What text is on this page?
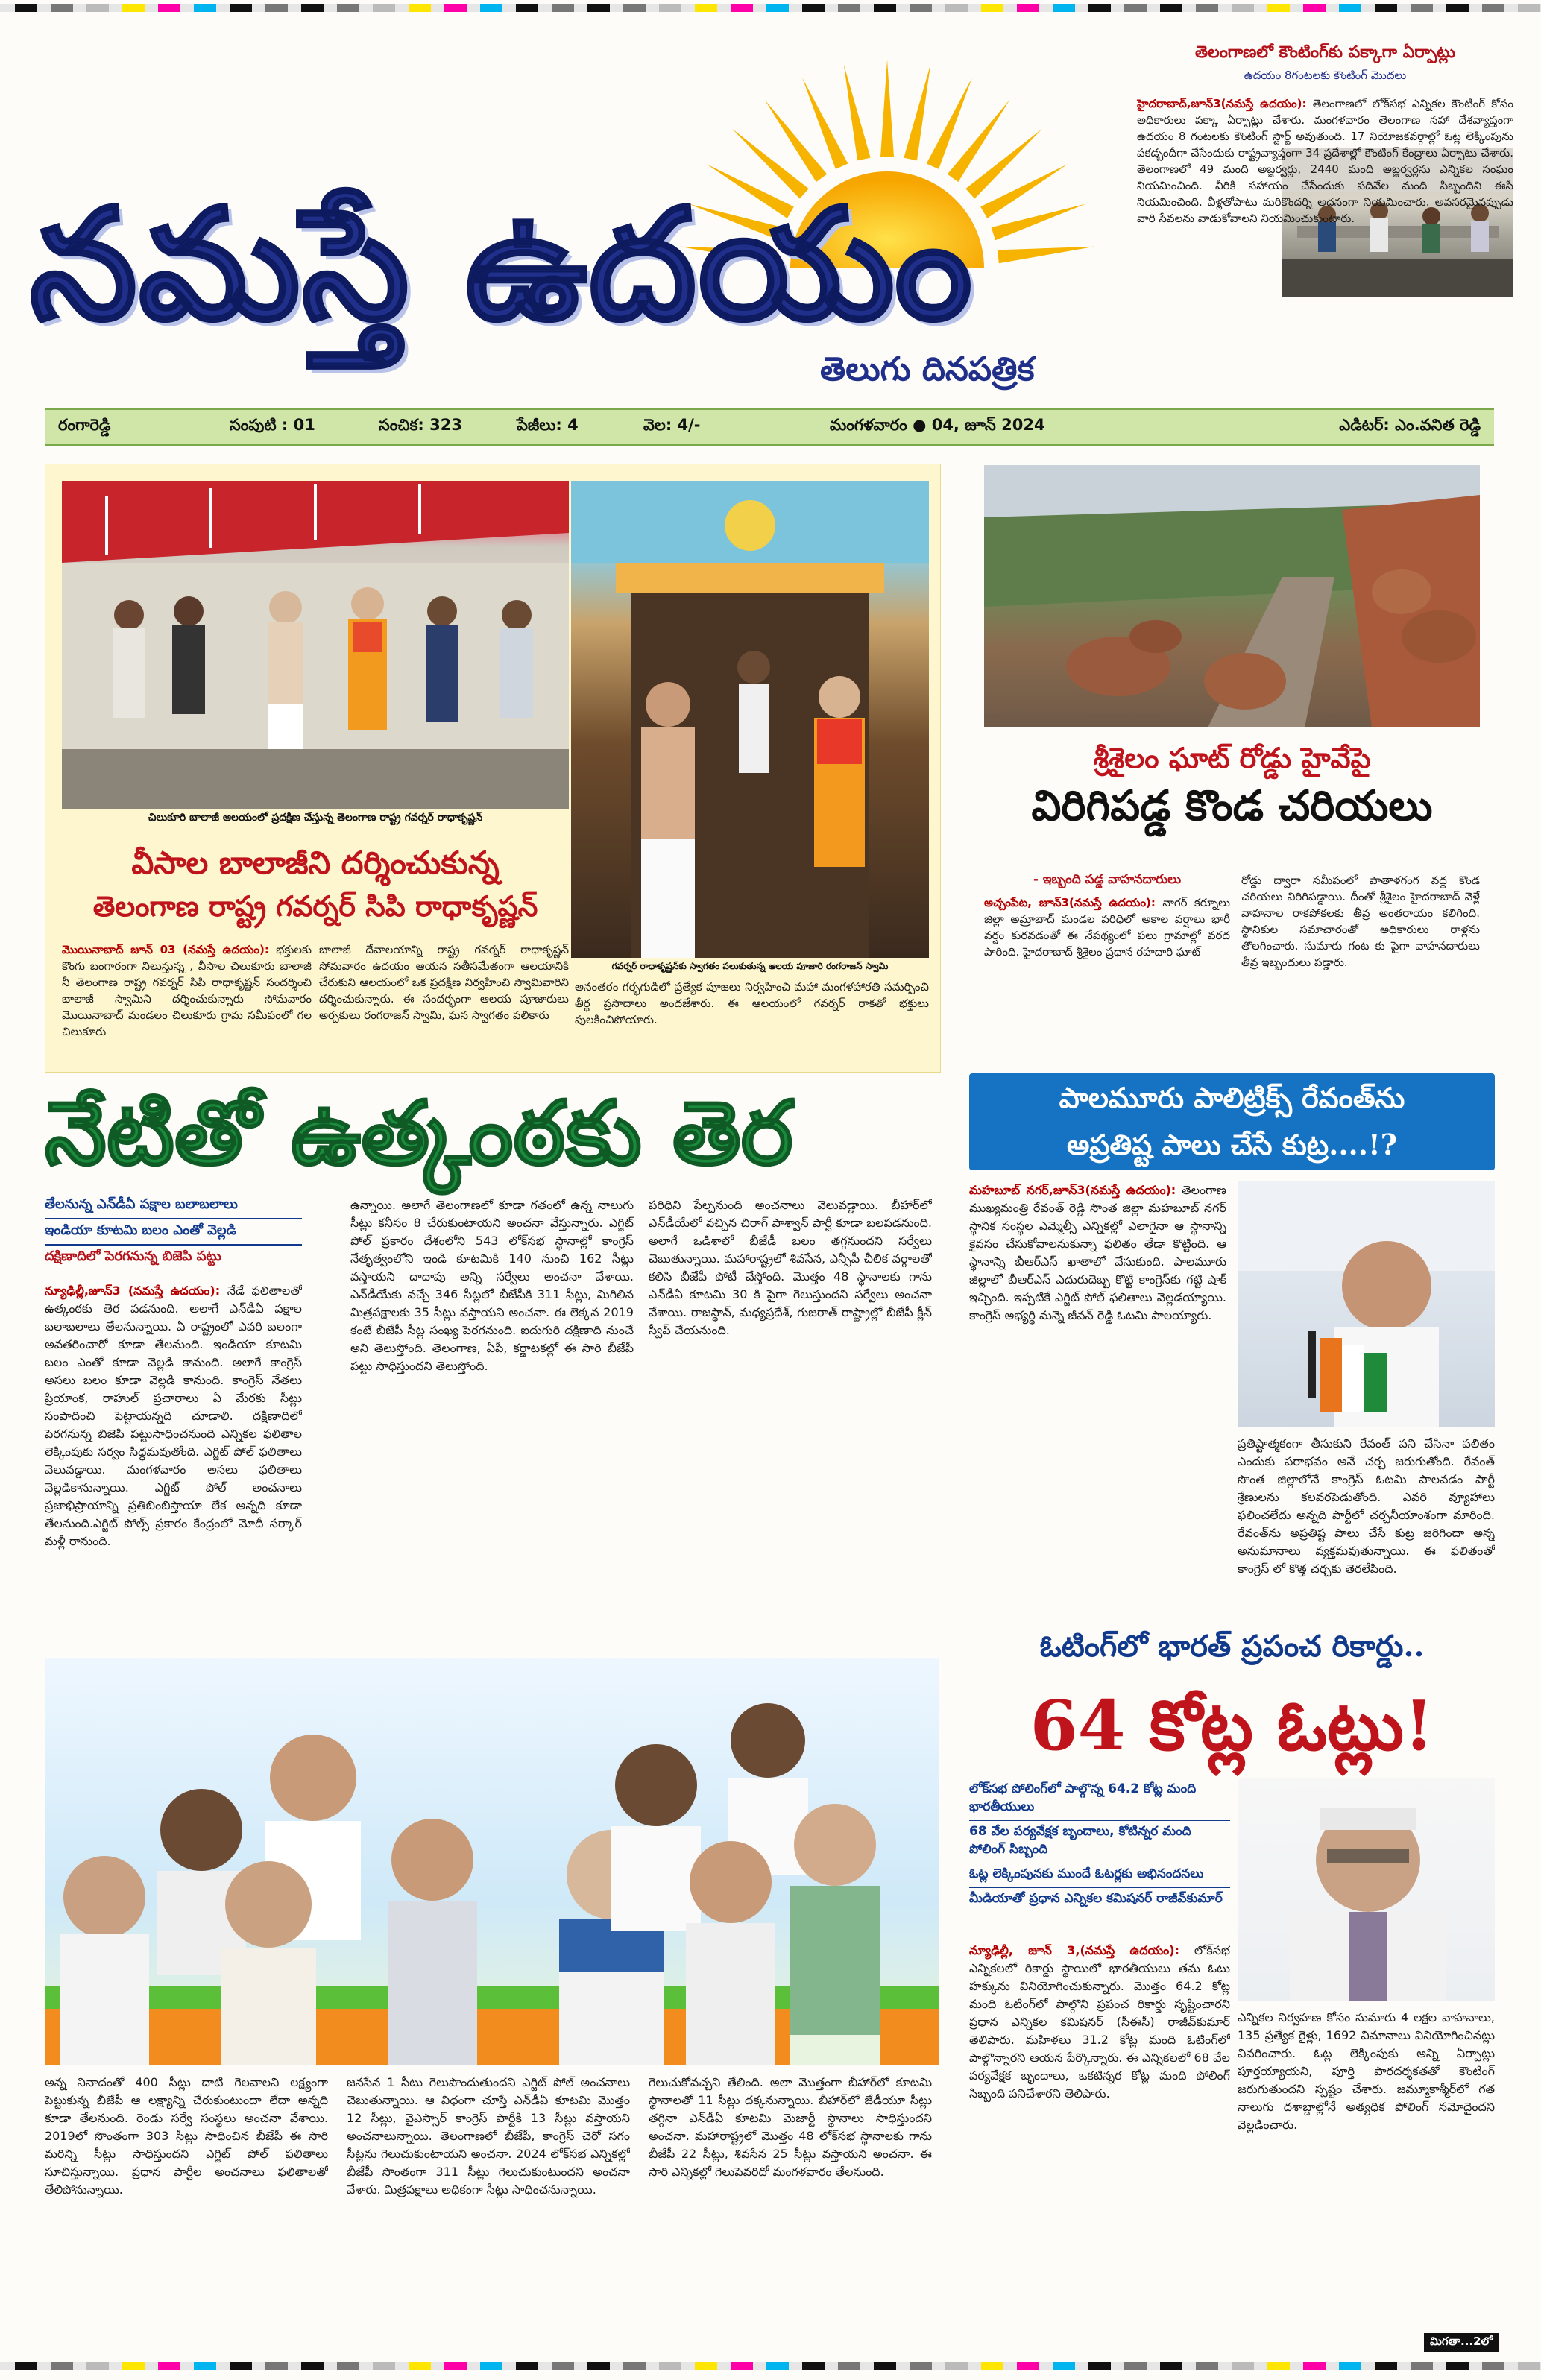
నమస్తే ఉదయం
తెలుగు దినపత్రిక
తెలంగాణలో కౌంటింగ్‌కు పక్కాగా ఏర్పాట్లు
ఉదయం 8గంటలకు కౌంటింగ్ మొదలు

హైదరాబాద్,జూన్3(నమస్తే ఉదయం): తెలంగాణలో లోక్‌సభ ఎన్నికల కౌంటింగ్ కోసం అధికారులు పక్కా ఏర్పాట్లు చేశారు. మంగళవారం తెలంగాణ సహా దేశవ్యాప్తంగా ఉదయం 8 గంటలకు కౌంటింగ్ స్టార్ట్ అవుతుంది. 17 నియోజకవర్గాల్లో ఓట్ల లెక్కింపును పకడ్బందీగా చేసేందుకు రాష్ట్రవ్యాప్తంగా 34 ప్రదేశాల్లో కౌంటింగ్ కేంద్రాలు ఏర్పాటు చేశారు. తెలంగాణలో 49 మంది అబ్జర్వర్లు, 2440 మంది అబ్జర్వర్లను ఎన్నికల సంఘం నియమించింది. వీరికి సహాయం చేసేందుకు పదివేల మంది సిబ్బందిని ఈసీ నియమించింది. వీళ్లతోపాటు మరికొందర్ని అదనంగా నియమించారు. అవసరమైనప్పుడు వారి సేవలను వాడుకోవాలని నియమించుకుంటారు.

రంగారెడ్డి	సంపుటి : 01	సంచిక: 323	పేజీలు: 4	వెల: 4/-	మంగళవారం ● 04, జూన్ 2024	ఎడిటర్: ఎం.వనిత రెడ్డి
చిలుకూరి బాలాజీ ఆలయంలో ప్రదక్షిణ చేస్తున్న తెలంగాణ రాష్ట్ర గవర్నర్ రాధాకృష్ణన్
గవర్నర్ రాధాకృష్ణన్‌కు స్వాగతం పలుకుతున్న ఆలయ పూజారి రంగరాజన్ స్వామి
వీసాల బాలాజీని దర్శించుకున్న
తెలంగాణ రాష్ట్ర గవర్నర్ సిపి రాధాకృష్ణన్

మొయినాబాద్ జూన్ 03 (నమస్తే ఉదయం): భక్తులకు కొంగు బంగారంగా నిలుస్తున్న , వీసాల చిలుకూరు బాలాజీ నీ తెలంగాణ రాష్ట్ర గవర్నర్ సిపి రాధాకృష్ణన్ సందర్శించి బాలాజీ స్వామిని దర్శించుకున్నారు సోమవారం మొయినాబాద్ మండలం చిలుకూరు గ్రామ సమీపంలో గల చిలుకూరు

బాలాజీ దేవాలయాన్ని రాష్ట్ర గవర్నర్ రాధాకృష్ణన్ సోమవారం ఉదయం ఆయన సతీసమేతంగా ఆలయానికి చేరుకుని ఆలయంలో ఒక ప్రదక్షిణ నిర్వహించి స్వామివారిని దర్శించుకున్నారు. ఈ సందర్భంగా ఆలయ పూజారులు అర్చకులు రంగరాజన్ స్వామి, ఘన స్వాగతం పలికారు

అనంతరం గర్భగుడిలో ప్రత్యేక పూజలు నిర్వహించి మహా మంగళహారతి సమర్పించి తీర్థ ప్రసాదాలు అందజేశారు. ఈ ఆలయంలో గవర్నర్ రాకతో భక్తులు పులకించిపోయారు.

శ్రీశైలం ఘాట్ రోడ్డు హైవేపై
విరిగిపడ్డ కొండ చరియలు
- ఇబ్బంది పడ్డ వాహనదారులు

అచ్చంపేట, జూన్3(నమస్తే ఉదయం): నాగర్ కర్నూలు జిల్లా అమ్రాబాద్ మండల పరిధిలో అకాల వర్షాలు భారీ వర్షం కురవడంతో ఈ నేపథ్యంలో పలు గ్రామాల్లో వరద పారింది. హైదరాబాద్ శ్రీశైలం ప్రధాన రహదారి ఘాట్

రోడ్డు ద్వారా సమీపంలో పాతాళగంగ వద్ద కొండ చరియలు విరిగిపడ్డాయి. దీంతో శ్రీశైలం హైదరాబాద్ వెళ్లే వాహనాల రాకపోకలకు తీవ్ర అంతరాయం కలిగింది. స్థానికుల సమాచారంతో అధికారులు రాళ్లను తొలగించారు. సుమారు గంట కు పైగా వాహనదారులు తీవ్ర ఇబ్బందులు పడ్డారు.

నేటితో ఉత్కంఠకు తెర
తేలనున్న ఎన్‌డీఏ పక్షాల బలాబలాలు
ఇండియా కూటమి బలం ఎంతో వెల్లడి
దక్షిణాదిలో పెరగనున్న బిజెపి పట్టు

న్యూఢిల్లీ,జూన్3 (నమస్తే ఉదయం): నేడే ఫలితాలతో ఉత్కంఠకు తెర పడనుంది. అలాగే ఎన్‌డీఏ పక్షాల బలాబలాలు తేలనున్నాయి. ఏ రాష్ట్రంలో ఎవరి బలంగా అవతరించారో కూడా తేలనుంది. ఇండియా కూటమి బలం ఎంతో కూడా వెల్లడి కానుంది. అలాగే కాంగ్రెస్ అసలు బలం కూడా వెల్లడి కానుంది. కాంగ్రెస్ నేతలు ప్రియాంక, రాహుల్ ప్రచారాలు ఏ మేరకు సీట్లు సంపాదించి పెట్టాయన్నది చూడాలి. దక్షిణాదిలో పెరగనున్న బిజెపి పట్టుసాధించనుంది ఎన్నికల ఫలితాల లెక్కింపుకు సర్వం సిద్ధమవుతోంది. ఎగ్జిట్ పోల్ ఫలితాలు వెలువడ్డాయి. మంగళవారం అసలు ఫలితాలు వెల్లడికానున్నాయి. ఎగ్జిట్ పోల్ అంచనాలు ప్రజాభిప్రాయాన్ని ప్రతిబింబిస్తాయా లేక అన్నది కూడా తేలనుంది.ఎగ్జిట్ పోల్స్ ప్రకారం కేంద్రంలో మోదీ సర్కార్ మళ్లీ రానుంది.

ఉన్నాయి. అలాగే తెలంగాణలో కూడా గతంలో ఉన్న నాలుగు సీట్లు కనీసం 8 చేరుకుంటాయని అంచనా వేస్తున్నారు. ఎగ్జిట్ పోల్ ప్రకారం దేశంలోని 543 లోక్‌సభ స్థానాల్లో కాంగ్రెస్ నేతృత్వంలోని ఇండి కూటమికి 140 నుంచి 162 సీట్లు వస్తాయని దాదాపు అన్ని సర్వేలు అంచనా వేశాయి. ఎన్‌డీయేకు వచ్చే 346 సీట్లలో బీజేపీకి 311 సీట్లు, మిగిలిన మిత్రపక్షాలకు 35 సీట్లు వస్తాయని అంచనా. ఈ లెక్కన 2019 కంటే బీజేపీ సీట్ల సంఖ్య పెరగనుంది. ఐదుగురి దక్షిణాది నుంచే అని తెలుస్తోంది. తెలంగాణ, ఏపీ, కర్ణాటకల్లో ఈ సారి బీజేపీ పట్టు సాధిస్తుందని తెలుస్తోంది.

పరిధిని పేల్చనుంది అంచనాలు వెలువడ్డాయి. బీహార్‌లో ఎన్‌డీయేలో వచ్చిన చిరాగ్ పాశ్వాన్ పార్టీ కూడా బలపడనుంది. అలాగే ఒడిశాలో బీజేడీ బలం తగ్గనుందని సర్వేలు చెబుతున్నాయి. మహారాష్ట్రలో శివసేన, ఎన్సీపీ చీలిక వర్గాలతో కలిసి బీజేపీ పోటీ చేస్తోంది. మొత్తం 48 స్థానాలకు గాను ఎన్‌డీఏ కూటమి 30 కి పైగా గెలుస్తుందని సర్వేలు అంచనా వేశాయి. రాజస్థాన్, మధ్యప్రదేశ్, గుజరాత్ రాష్ట్రాల్లో బీజేపీ క్లీన్ స్వీప్ చేయనుంది.

అన్న నినాదంతో 400 సీట్లు దాటి గెలవాలని లక్ష్యంగా పెట్టుకున్న బీజేపీ ఆ లక్ష్యాన్ని చేరుకుంటుందా లేదా అన్నది కూడా తేలనుంది. రెండు సర్వే సంస్థలు అంచనా వేశాయి. 2019లో సొంతంగా 303 సీట్లు సాధించిన బీజేపీ ఈ సారి మరిన్ని సీట్లు సాధిస్తుందని ఎగ్జిట్ పోల్ ఫలితాలు సూచిస్తున్నాయి. ప్రధాన పార్టీల అంచనాలు ఫలితాలతో తేలిపోనున్నాయి.

జనసేన 1 సీటు గెలుపొందుతుందని ఎగ్జిట్ పోల్ అంచనాలు చెబుతున్నాయి. ఆ విధంగా చూస్తే ఎన్‌డీఏ కూటమి మొత్తం 12 సీట్లు, వైఎస్సార్ కాంగ్రెస్ పార్టీకి 13 సీట్లు వస్తాయని అంచనాలున్నాయి. తెలంగాణలో బీజేపీ, కాంగ్రెస్ చెరో సగం సీట్లను గెలుచుకుంటాయని అంచనా. 2024 లోక్‌సభ ఎన్నికల్లో బీజేపీ సొంతంగా 311 సీట్లు గెలుచుకుంటుందని అంచనా వేశారు. మిత్రపక్షాలు అధికంగా సీట్లు సాధించనున్నాయి.

గెలుచుకోవచ్చని తేలింది. అలా మొత్తంగా బీహార్‌లో కూటమి స్థానాలతో 11 సీట్లు దక్కనున్నాయి. బీహార్‌లో జేడీయూ సీట్లు తగ్గినా ఎన్‌డీఏ కూటమి మెజార్టీ స్థానాలు సాధిస్తుందని అంచనా. మహారాష్ట్రలో మొత్తం 48 లోక్‌సభ స్థానాలకు గాను బీజేపీ 22 సీట్లు, శివసేన 25 సీట్లు వస్తాయని అంచనా. ఈ సారి ఎన్నికల్లో గెలుపెవరిదో మంగళవారం తేలనుంది.

పాలమూరు పాలిట్రిక్స్ రేవంత్‌ను
అప్రతిష్ట పాలు చేసే కుట్ర....!?

మహబూబ్ నగర్,జూన్3(నమస్తే ఉదయం): తెలంగాణ ముఖ్యమంత్రి రేవంత్ రెడ్డి సొంత జిల్లా మహబూబ్ నగర్ స్థానిక సంస్థల ఎమ్మెల్సీ ఎన్నికల్లో ఎలాగైనా ఆ స్థానాన్ని కైవసం చేసుకోవాలనుకున్నా ఫలితం తేడా కొట్టింది. ఆ స్థానాన్ని బీఆర్ఎస్ ఖాతాలో వేసుకుంది. పాలమూరు జిల్లాలో బీఆర్ఎస్ ఎదురుదెబ్బ కొట్టి కాంగ్రెస్‌కు గట్టి షాక్ ఇచ్చింది. ఇప్పటికే ఎగ్జిట్ పోల్ ఫలితాలు వెల్లడయ్యాయి. కాంగ్రెస్ అభ్యర్థి మన్నె జీవన్ రెడ్డి ఓటమి పాలయ్యారు.

ప్రతిష్టాత్మకంగా తీసుకుని రేవంత్ పని చేసినా పలితం ఎందుకు పరాభవం అనే చర్చ జరుగుతోంది. రేవంత్ సొంత జిల్లాలోనే కాంగ్రెస్ ఓటమి పాలవడం పార్టీ శ్రేణులను కలవరపెడుతోంది. ఎవరి వ్యూహాలు ఫలించలేదు అన్నది పార్టీలో చర్చనీయాంశంగా మారింది. రేవంత్‌ను అప్రతిష్ట పాలు చేసే కుట్ర జరిగిందా అన్న అనుమానాలు వ్యక్తమవుతున్నాయి. ఈ ఫలితంతో కాంగ్రెస్ లో కొత్త చర్చకు తెరలేపింది.

ఓటింగ్‌లో భారత్ ప్రపంచ రికార్డు..
64 కోట్ల ఓట్లు!
లోక్‌సభ పోలింగ్‌లో పాల్గొన్న 64.2 కోట్ల మంది భారతీయులు
68 వేల పర్యవేక్షక బృందాలు, కోటిన్నర మంది పోలింగ్ సిబ్బంది
ఓట్ల లెక్కింపునకు ముందే ఓటర్లకు అభినందనలు
మీడియాతో ప్రధాన ఎన్నికల కమిషనర్ రాజీవ్‌కుమార్

న్యూఢిల్లీ, జూన్ 3,(నమస్తే ఉదయం): లోక్‌సభ ఎన్నికలలో రికార్డు స్థాయిలో భారతీయులు తమ ఓటు హక్కును వినియోగించుకున్నారు. మొత్తం 64.2 కోట్ల మంది ఓటింగ్‌లో పాల్గొని ప్రపంచ రికార్డు సృష్టించారని ప్రధాన ఎన్నికల కమిషనర్ (సీఈసీ) రాజీవ్‌కుమార్ తెలిపారు. మహిళలు 31.2 కోట్ల మంది ఓటింగ్‌లో పాల్గొన్నారని ఆయన పేర్కొన్నారు. ఈ ఎన్నికలలో 68 వేల పర్యవేక్షక బృందాలు, ఒకటిన్నర కోట్ల మంది పోలింగ్ సిబ్బంది పనిచేశారని తెలిపారు.

ఎన్నికల నిర్వహణ కోసం సుమారు 4 లక్షల వాహనాలు, 135 ప్రత్యేక రైళ్లు, 1692 విమానాలు వినియోగించినట్లు వివరించారు. ఓట్ల లెక్కింపుకు అన్ని ఏర్పాట్లు పూర్తయ్యాయని, పూర్తి పారదర్శకతతో కౌంటింగ్ జరుగుతుందని స్పష్టం చేశారు. జమ్మూకాశ్మీర్‌లో గత నాలుగు దశాబ్దాల్లోనే అత్యధిక పోలింగ్ నమోదైందని వెల్లడించారు.

మిగతా...2లో
